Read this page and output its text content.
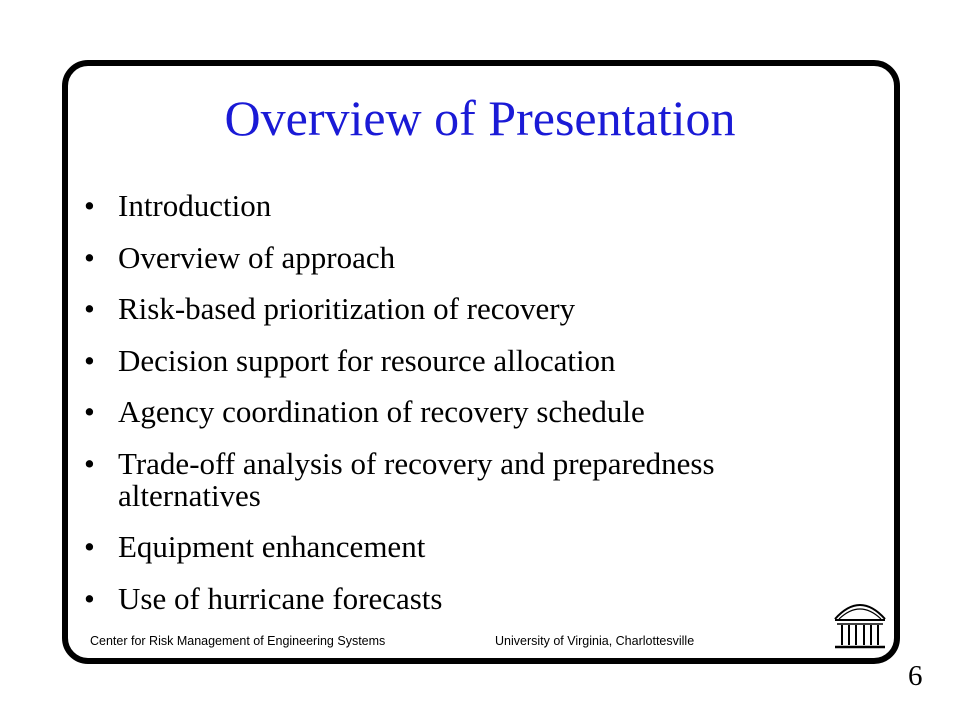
Overview of Presentation
• Introduction
• Overview of approach
• Risk-based prioritization of recovery
• Decision support for resource allocation
• Agency coordination of recovery schedule
• Trade-off analysis of recovery and preparedness alternatives
• Equipment enhancement
• Use of hurricane forecasts
Center for Risk Management of Engineering Systems	University of Virginia, Charlottesville
6
